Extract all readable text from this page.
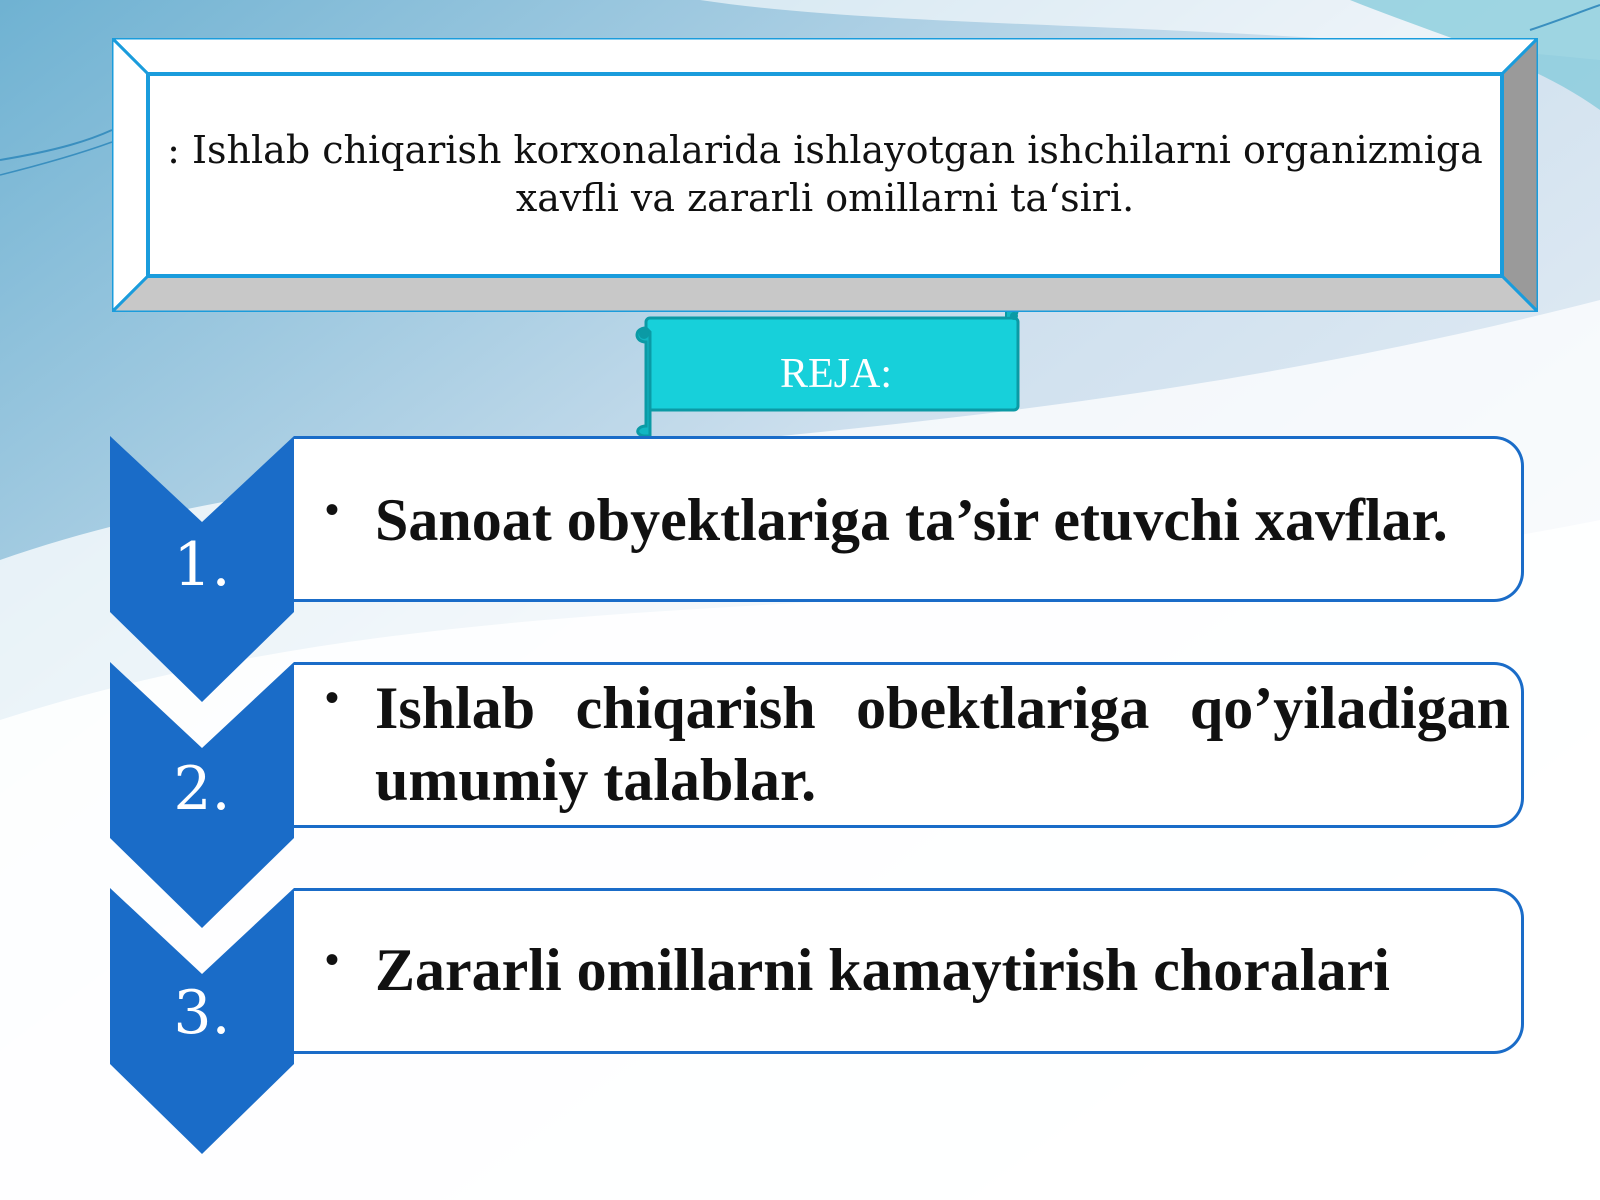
: Ishlab chiqarish korxonalarida ishlayotgan ishchilarni organizmiga xavfli va zararli omillarni ta‘siri.
REJA:
1.
• Sanoat obyektlariga ta’sir etuvchi xavflar.
2.
• Ishlab chiqarish obektlariga qo’yiladigan umumiy talablar.
3.
• Zararli omillarni kamaytirish choralari
